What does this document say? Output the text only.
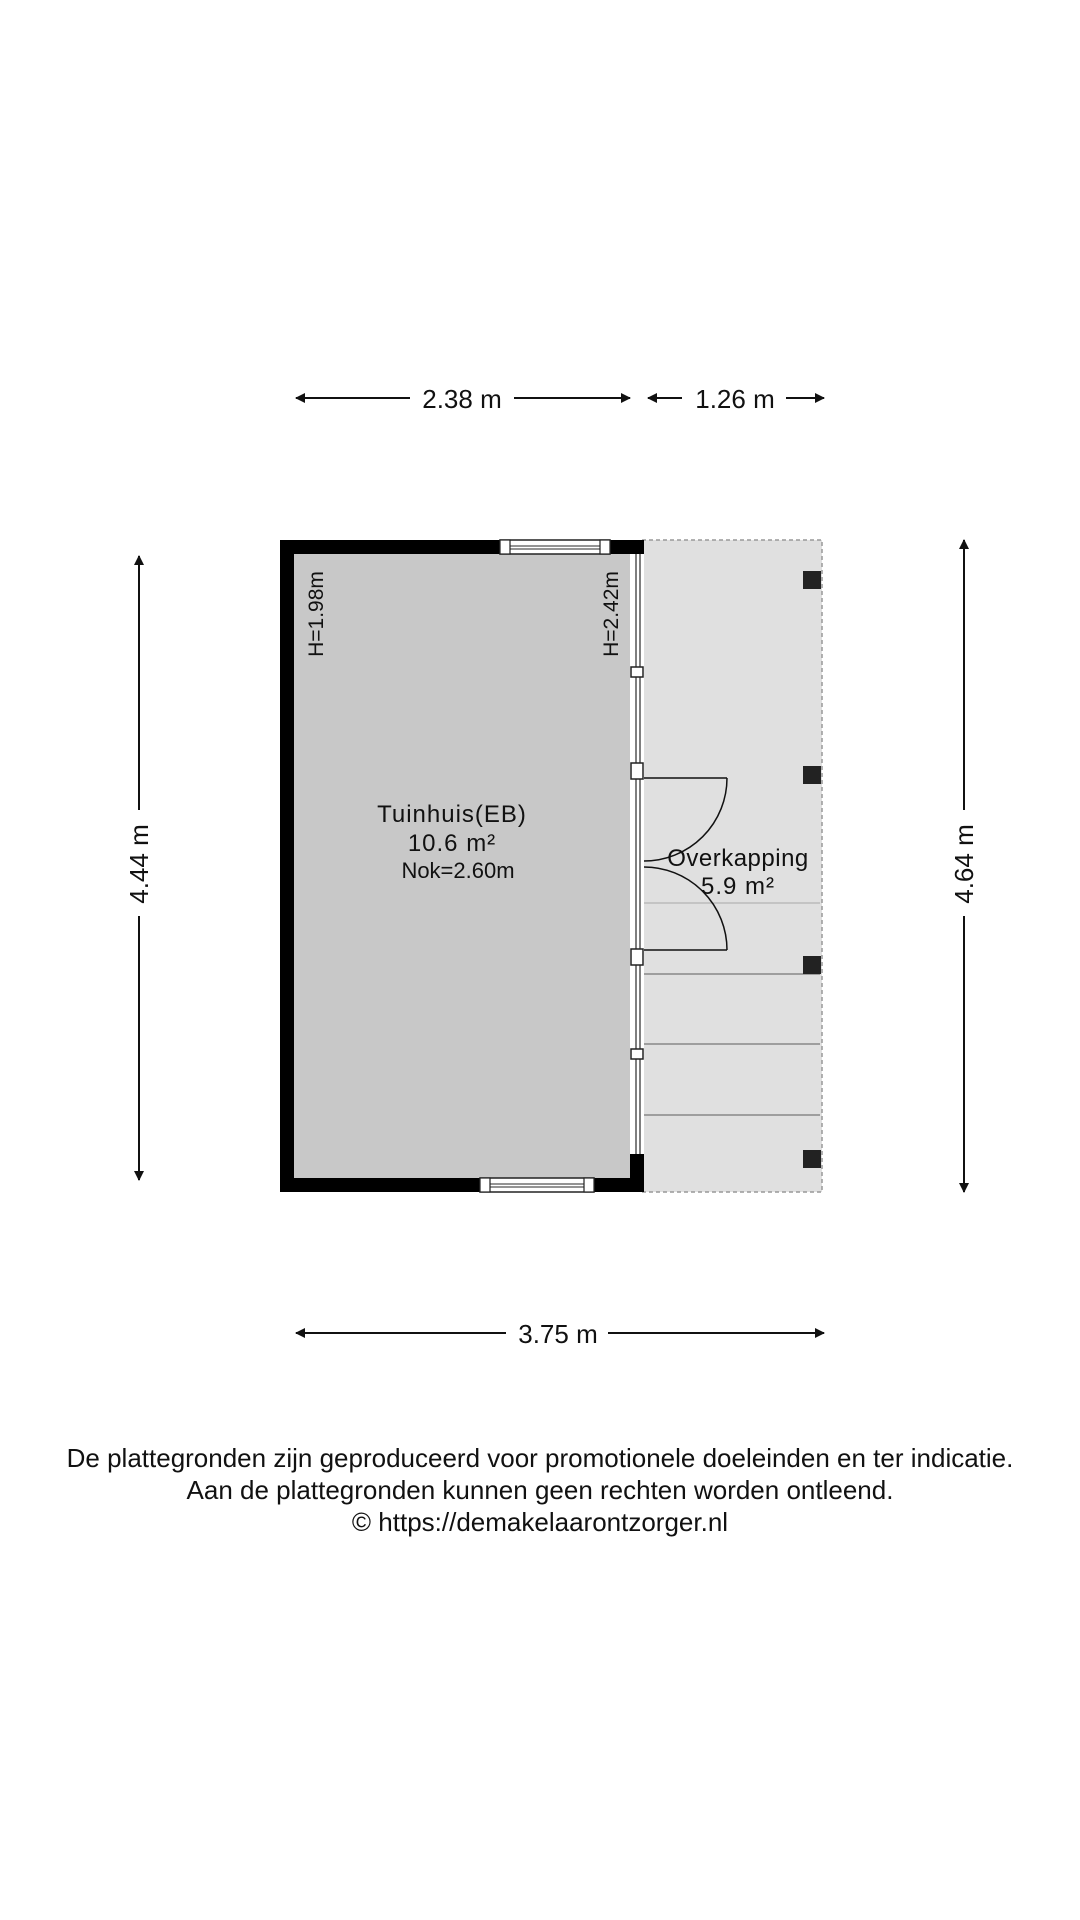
2.38 m	1.26 m
4.44 m	4.64 m
3.75 m
Tuinhuis(EB)
10.6 m²
Nok=2.60m
H=1.98m	H=2.42m
Overkapping
5.9 m²
De plattegronden zijn geproduceerd voor promotionele doeleinden en ter indicatie.
Aan de plattegronden kunnen geen rechten worden ontleend.
© https://demakelaarontzorger.nl
